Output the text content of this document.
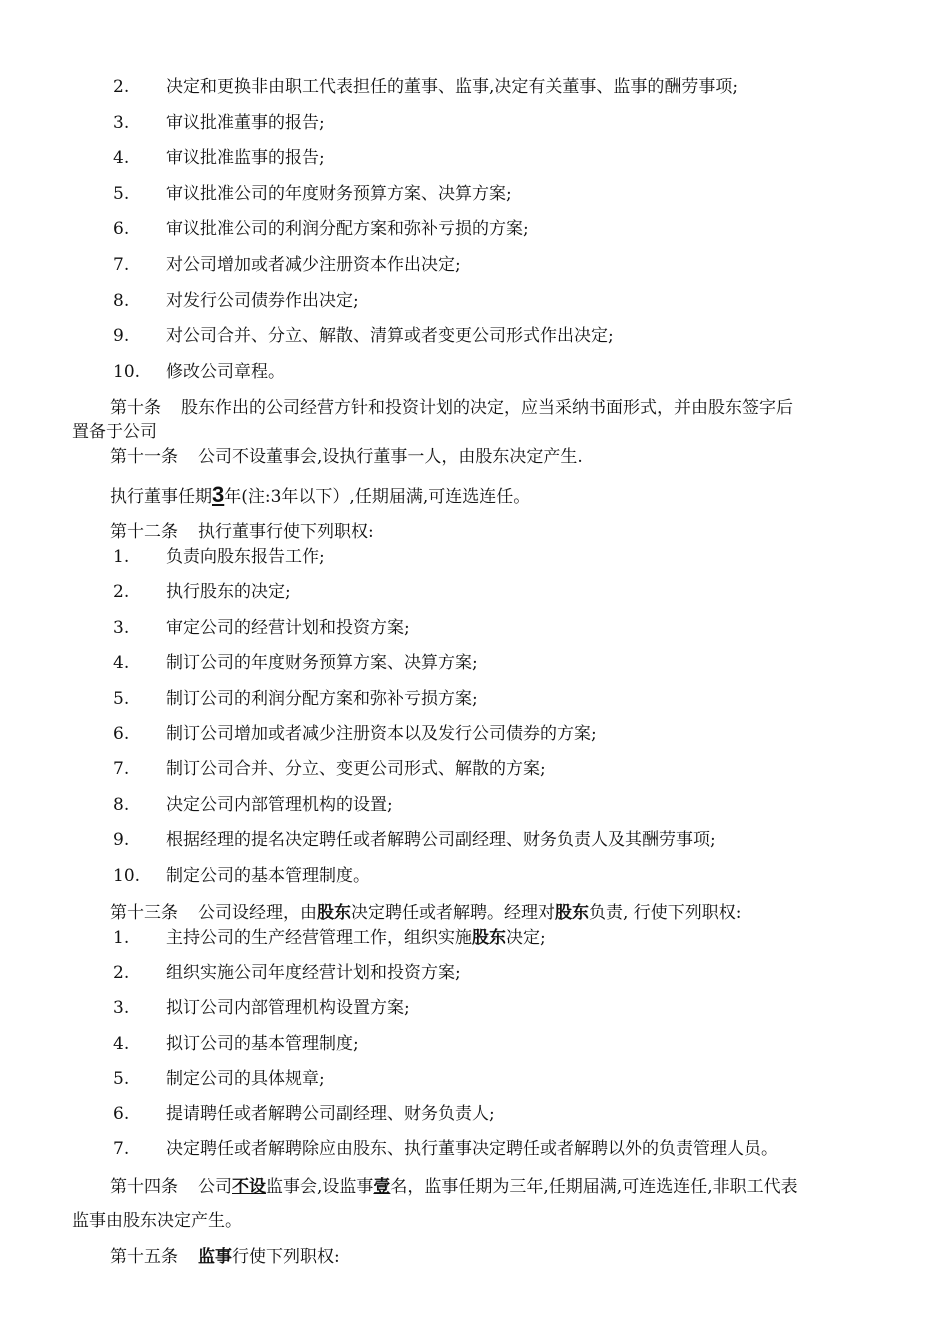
2. 决定和更换非由职工代表担任的董事、监事,决定有关董事、监事的酬劳事项;
3. 审议批准董事的报告;
4. 审议批准监事的报告;
5. 审议批准公司的年度财务预算方案、决算方案;
6. 审议批准公司的利润分配方案和弥补亏损的方案;
7. 对公司增加或者减少注册资本作出决定;
8. 对发行公司债券作出决定;
9. 对公司合并、分立、解散、清算或者变更公司形式作出决定;
10. 修改公司章程。
第十条 股东作出的公司经营方针和投资计划的决定，应当采纳书面形式，并由股东签字后
置备于公司
第十一条 公司不设董事会,设执行董事一人，由股东决定产生.
执行董事任期3年(注:3年以下）,任期届满,可连选连任。
第十二条 执行董事行使下列职权:
1. 负责向股东报告工作;
2. 执行股东的决定;
3. 审定公司的经营计划和投资方案;
4. 制订公司的年度财务预算方案、决算方案;
5. 制订公司的利润分配方案和弥补亏损方案;
6. 制订公司增加或者减少注册资本以及发行公司债券的方案;
7. 制订公司合并、分立、变更公司形式、解散的方案;
8. 决定公司内部管理机构的设置;
9. 根据经理的提名决定聘任或者解聘公司副经理、财务负责人及其酬劳事项;
10. 制定公司的基本管理制度。
第十三条 公司设经理，由股东决定聘任或者解聘。经理对股东负责, 行使下列职权:
1. 主持公司的生产经营管理工作，组织实施股东决定;
2. 组织实施公司年度经营计划和投资方案;
3. 拟订公司内部管理机构设置方案;
4. 拟订公司的基本管理制度;
5. 制定公司的具体规章;
6. 提请聘任或者解聘公司副经理、财务负责人;
7. 决定聘任或者解聘除应由股东、执行董事决定聘任或者解聘以外的负责管理人员。
第十四条 公司不设监事会,设监事壹名，监事任期为三年,任期届满,可连选连任,非职工代表
监事由股东决定产生。
第十五条 监事行使下列职权:
